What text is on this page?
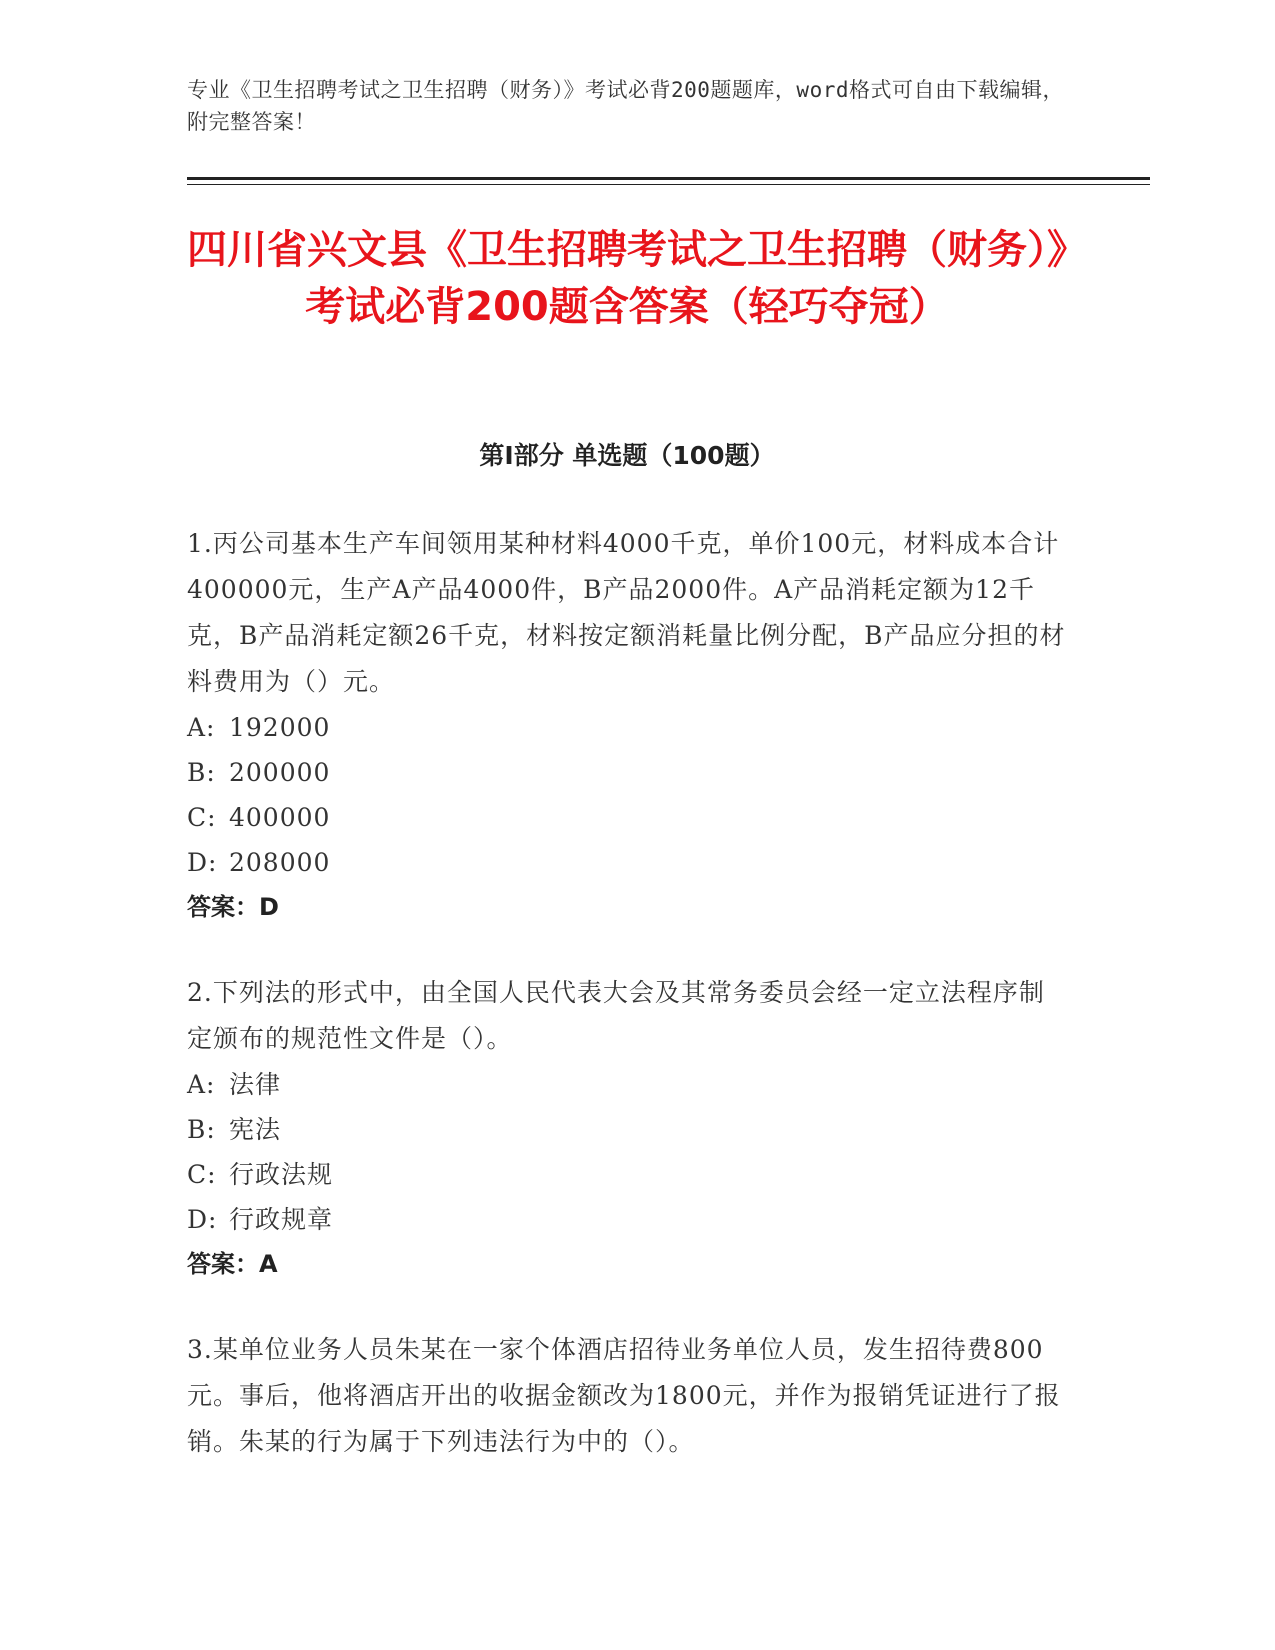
专业《卫生招聘考试之卫生招聘（财务）》考试必背200题题库，word格式可自由下载编辑，附完整答案！
四川省兴文县《卫生招聘考试之卫生招聘（财务）》考试必背200题含答案（轻巧夺冠）
第I部分 单选题（100题）
1.丙公司基本生产车间领用某种材料4000千克，单价100元，材料成本合计400000元，生产A产品4000件，B产品2000件。A产品消耗定额为12千克，B产品消耗定额26千克，材料按定额消耗量比例分配，B产品应分担的材料费用为（）元。
A: 192000
B: 200000
C: 400000
D: 208000
答案：D
2.下列法的形式中，由全国人民代表大会及其常务委员会经一定立法程序制定颁布的规范性文件是（）。
A: 法律
B: 宪法
C: 行政法规
D: 行政规章
答案：A
3.某单位业务人员朱某在一家个体酒店招待业务单位人员，发生招待费800元。事后，他将酒店开出的收据金额改为1800元，并作为报销凭证进行了报销。朱某的行为属于下列违法行为中的（）。
